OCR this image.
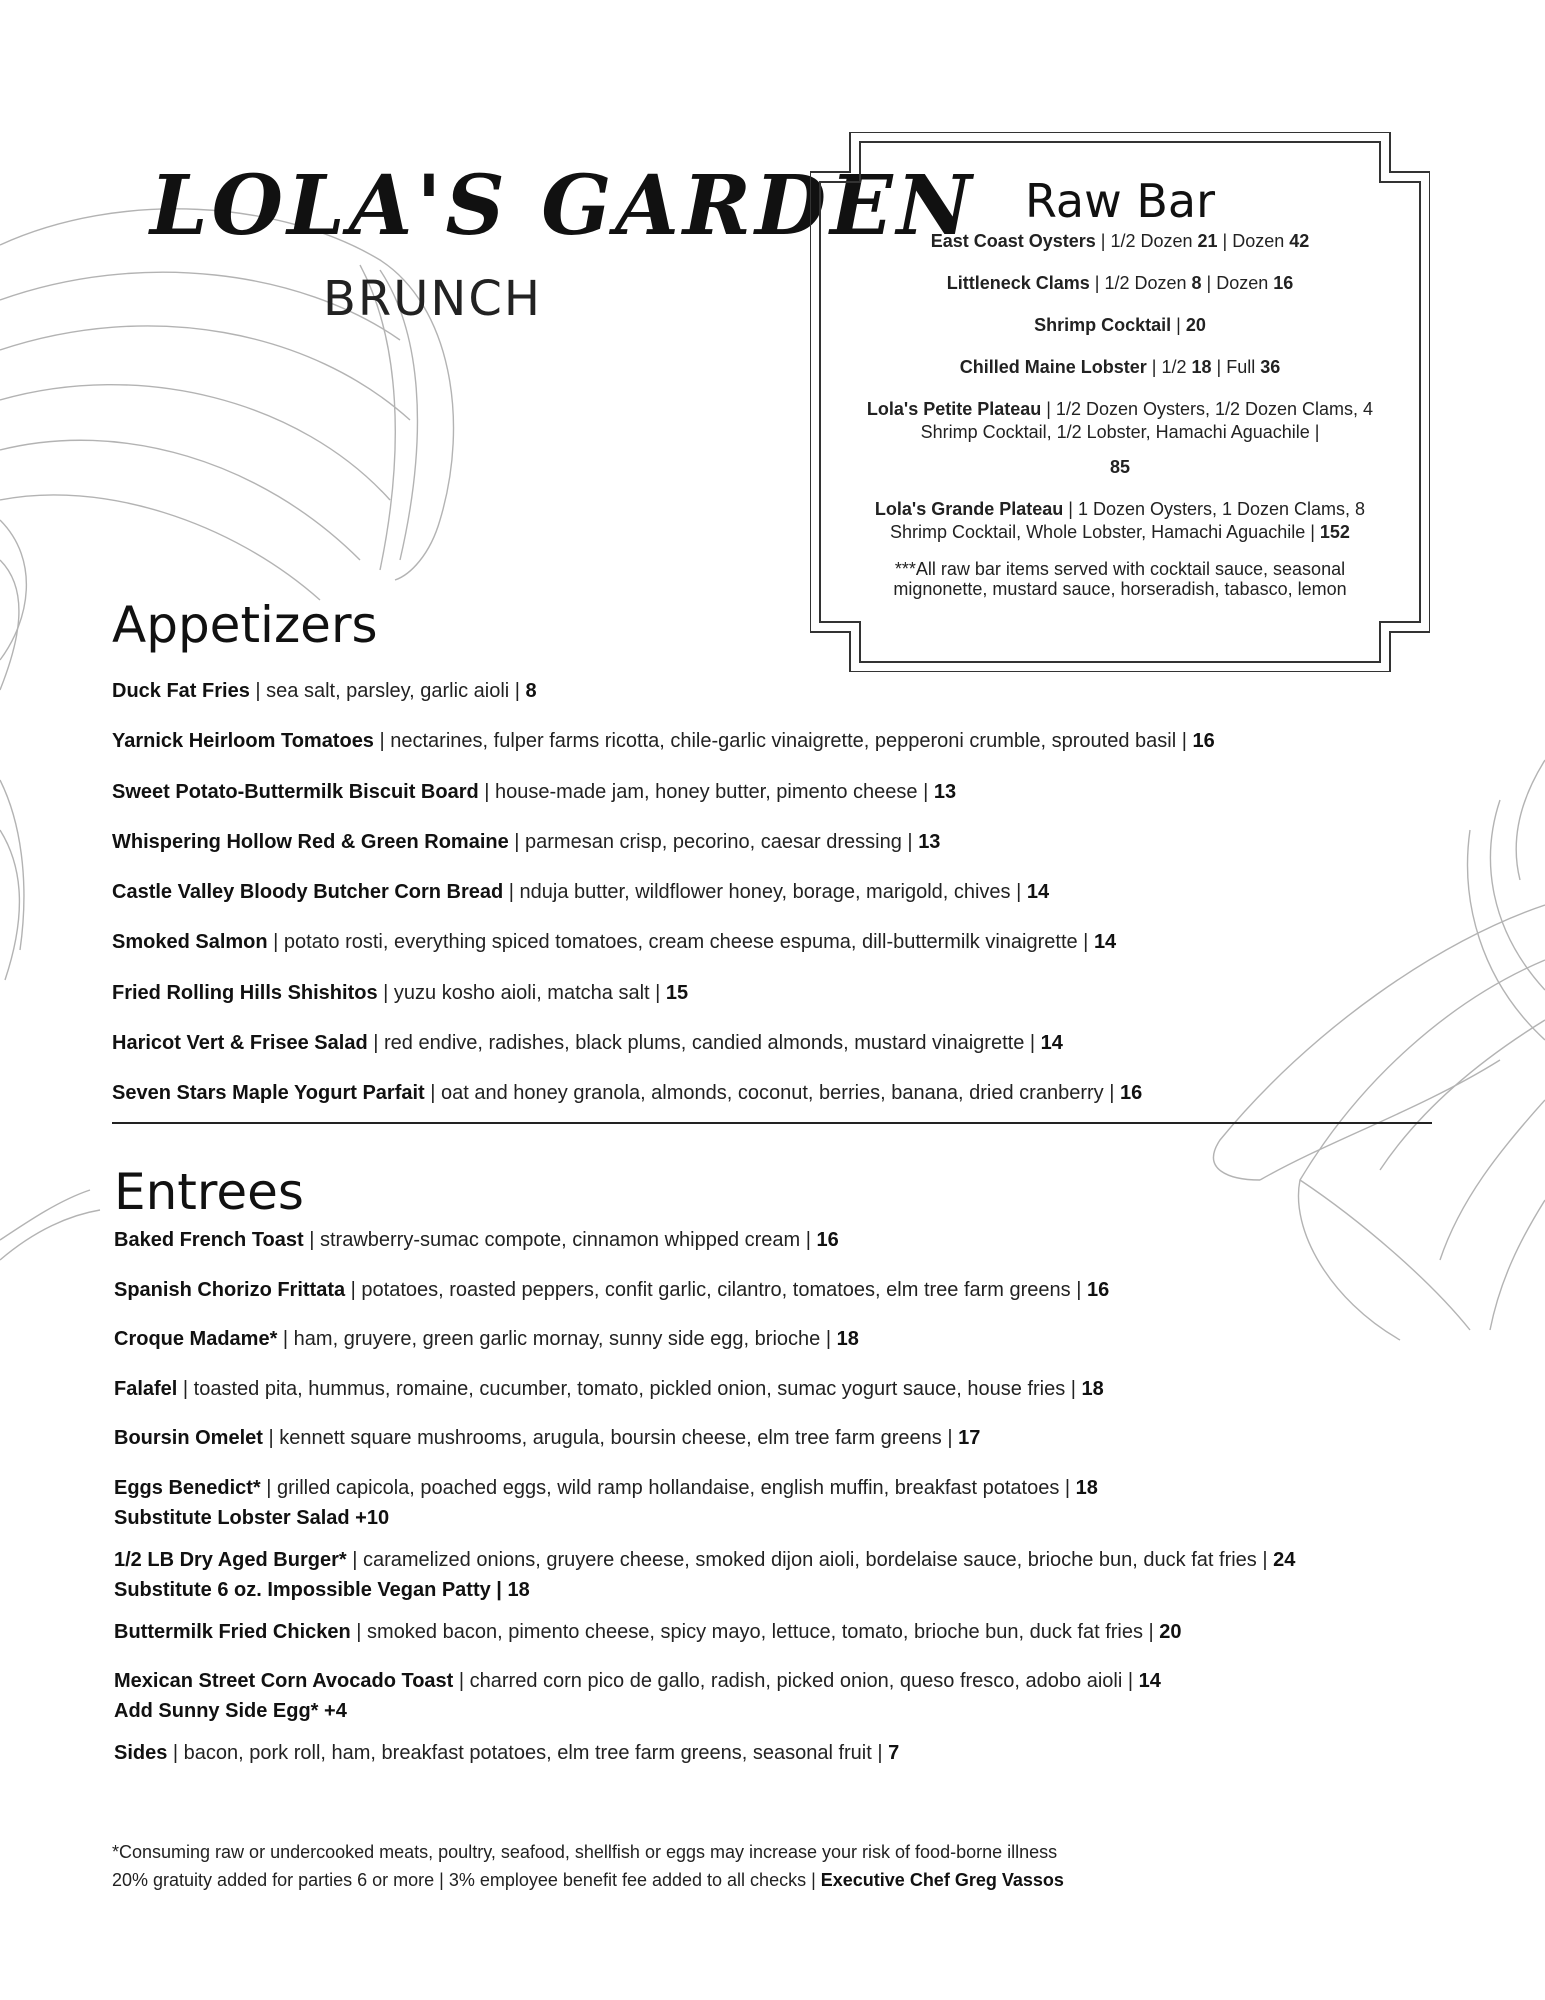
LOLA'S GARDEN
BRUNCH
Raw Bar
East Coast Oysters | 1/2 Dozen 21 | Dozen 42
Littleneck Clams | 1/2 Dozen 8 | Dozen 16
Shrimp Cocktail | 20
Chilled Maine Lobster | 1/2 18 | Full 36
Lola's Petite Plateau | 1/2 Dozen Oysters, 1/2 Dozen Clams, 4 Shrimp Cocktail, 1/2 Lobster, Hamachi Aguachile |
85
Lola's Grande Plateau | 1 Dozen Oysters, 1 Dozen Clams, 8 Shrimp Cocktail, Whole Lobster, Hamachi Aguachile | 152
***All raw bar items served with cocktail sauce, seasonal mignonette, mustard sauce, horseradish, tabasco, lemon
Appetizers
Duck Fat Fries | sea salt, parsley, garlic aioli | 8
Yarnick Heirloom Tomatoes | nectarines, fulper farms ricotta, chile-garlic vinaigrette, pepperoni crumble, sprouted basil | 16
Sweet Potato-Buttermilk Biscuit Board | house-made jam, honey butter, pimento cheese | 13
Whispering Hollow Red & Green Romaine | parmesan crisp, pecorino, caesar dressing | 13
Castle Valley Bloody Butcher Corn Bread | nduja butter, wildflower honey, borage, marigold, chives | 14
Smoked Salmon | potato rosti, everything spiced tomatoes, cream cheese espuma, dill-buttermilk vinaigrette | 14
Fried Rolling Hills Shishitos | yuzu kosho aioli, matcha salt | 15
Haricot Vert & Frisee Salad | red endive, radishes, black plums, candied almonds, mustard vinaigrette | 14
Seven Stars Maple Yogurt Parfait | oat and honey granola, almonds, coconut, berries, banana, dried cranberry | 16
Entrees
Baked French Toast | strawberry-sumac compote, cinnamon whipped cream | 16
Spanish Chorizo Frittata | potatoes, roasted peppers, confit garlic, cilantro, tomatoes, elm tree farm greens | 16
Croque Madame* | ham, gruyere, green garlic mornay, sunny side egg, brioche | 18
Falafel | toasted pita, hummus, romaine, cucumber, tomato, pickled onion, sumac yogurt sauce, house fries | 18
Boursin Omelet | kennett square mushrooms, arugula, boursin cheese, elm tree farm greens | 17
Eggs Benedict* | grilled capicola, poached eggs, wild ramp hollandaise, english muffin, breakfast potatoes | 18
Substitute Lobster Salad +10
1/2 LB Dry Aged Burger* | caramelized onions, gruyere cheese, smoked dijon aioli, bordelaise sauce, brioche bun, duck fat fries | 24
Substitute 6 oz. Impossible Vegan Patty | 18
Buttermilk Fried Chicken | smoked bacon, pimento cheese, spicy mayo, lettuce, tomato, brioche bun, duck fat fries | 20
Mexican Street Corn Avocado Toast | charred corn pico de gallo, radish, picked onion, queso fresco, adobo aioli | 14
Add Sunny Side Egg* +4
Sides | bacon, pork roll, ham, breakfast potatoes, elm tree farm greens, seasonal fruit | 7
*Consuming raw or undercooked meats, poultry, seafood, shellfish or eggs may increase your risk of food-borne illness
20% gratuity added for parties 6 or more | 3% employee benefit fee added to all checks | Executive Chef Greg Vassos
